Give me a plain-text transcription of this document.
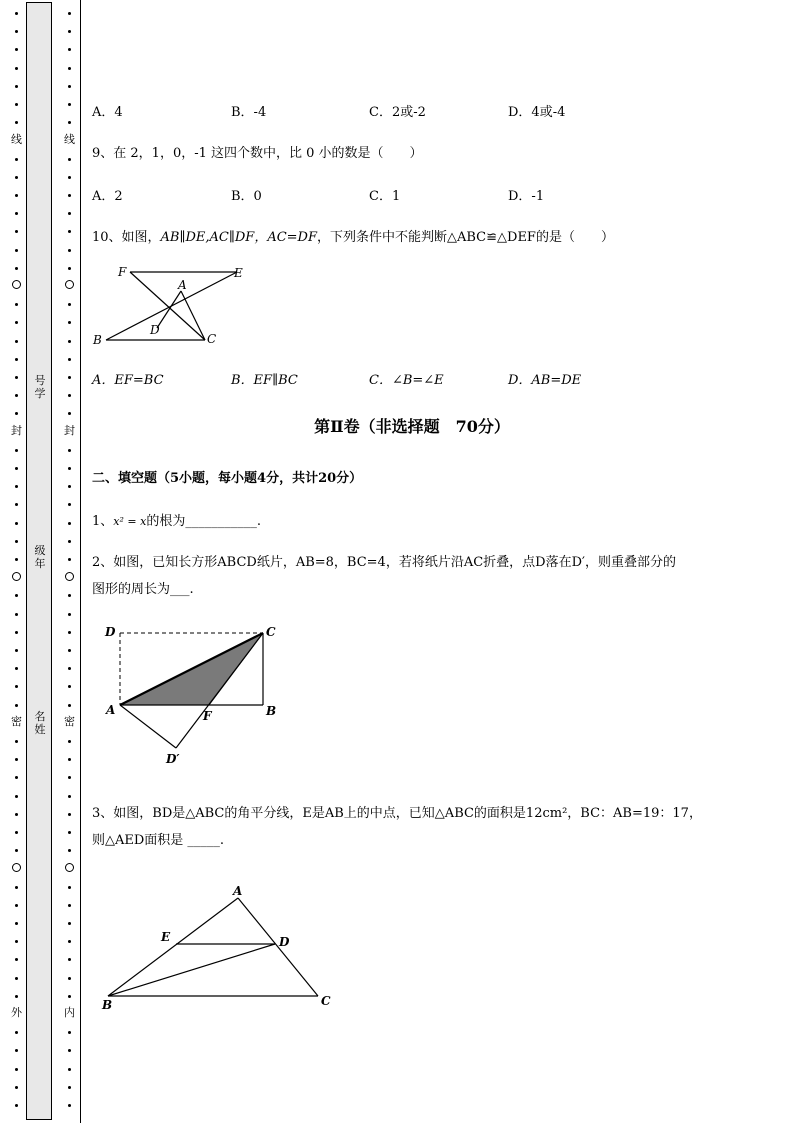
线
封
密
外
线
封
密
内
号学
级年
名姓
A．4	B．-4	C．2或-2	D．4或-4
9、在 2，1，0，-1 这四个数中，比 0 小的数是（　　）
A．2	B．0	C．1	D．-1
10、如图，AB∥DE,AC∥DF，AC=DF，下列条件中不能判断△ABC≌△DEF的是（　　）
F	E
A
D
B	C
A．EF=BC	B．EF∥BC	C．∠B=∠E	D．AB=DE
第Ⅱ卷（非选择题　70分）
二、填空题（5小题，每小题4分，共计20分）
1、x² = x的根为___________.
2、如图，已知长方形ABCD纸片，AB=8，BC=4，若将纸片沿AC折叠，点D落在D′，则重叠部分的
图形的周长为___.
D	C
A	F	B
D′
3、如图，BD是△ABC的角平分线，E是AB上的中点，已知△ABC的面积是12cm²，BC：AB=19：17，
则△AED面积是 _____.
A
E	D
B	C
